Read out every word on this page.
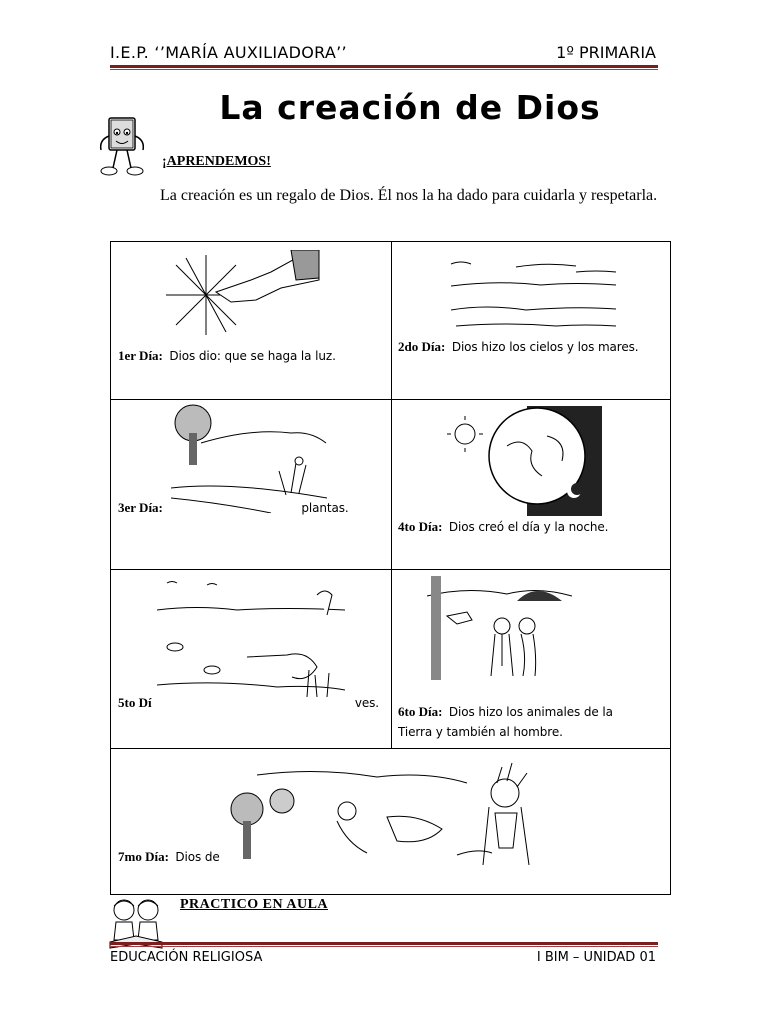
I.E.P. ‘’MARÍA AUXILIADORA’’	1º PRIMARIA
La creación de Dios
¡APRENDEMOS!
La creación es un regalo de Dios. Él nos la ha dado para cuidarla y respetarla.
1er Día: Dios dio: que se haga la luz.
2do Día: Dios hizo los cielos y los mares.
3er Día:	plantas.
4to Día: Dios creó el día y la noche.
5to Dí	ves.
6to Día: Dios hizo los animales de la
Tierra y también al hombre.
7mo Día: Dios de
PRACTICO EN AULA
EDUCACIÓN RELIGIOSA	I BIM – UNIDAD 01
